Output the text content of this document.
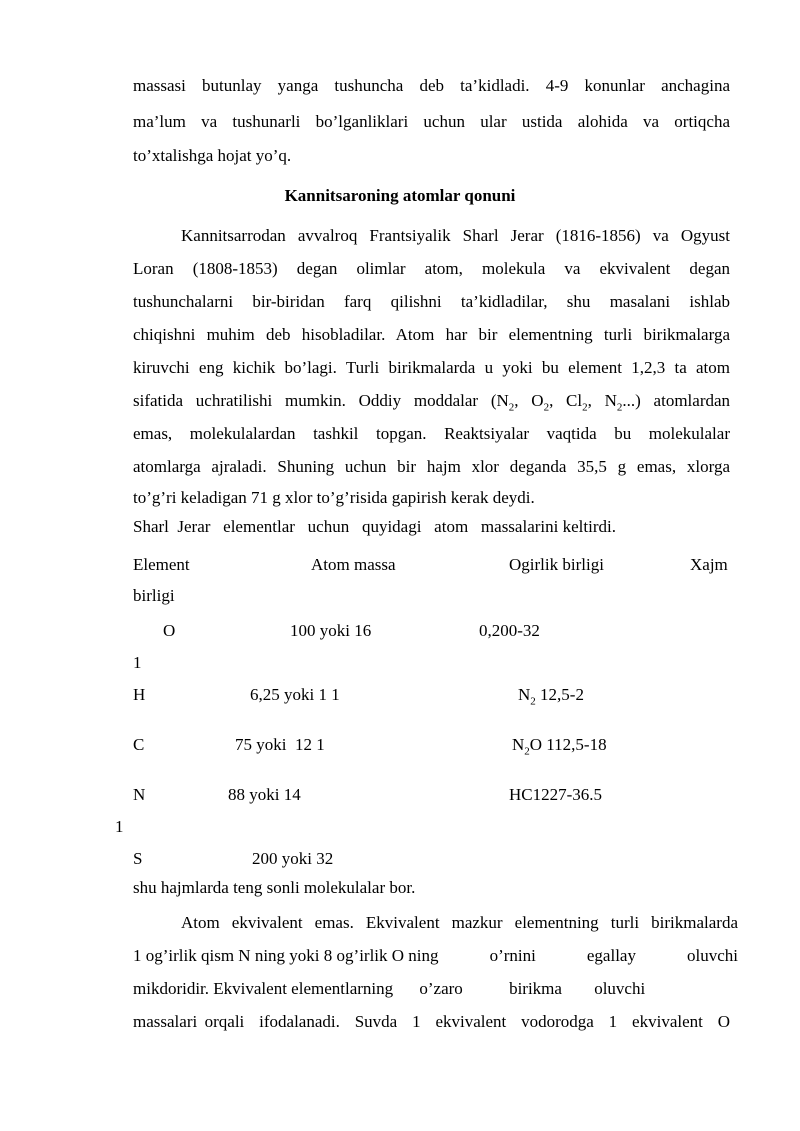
massasi butunlay yanga tushuncha deb ta’kidladi. 4-9 konunlar anchagina
ma’lum va tushunarli bo’lganliklari uchun ular ustida alohida va ortiqcha
to’xtalishga hojat yo’q.
Kannitsaroning atomlar qonuni
Kannitsarrodan avvalroq Frantsiyalik Sharl Jerar (1816-1856) va Ogyust
Loran (1808-1853) degan olimlar atom, molekula va ekvivalent degan
tushunchalarni bir-biridan farq qilishni ta’kidladilar, shu masalani ishlab
chiqishni muhim deb hisobladilar. Atom har bir elementning turli birikmalarga
kiruvchi eng kichik bo’lagi. Turli birikmalarda u yoki bu element 1,2,3 ta atom
sifatida uchratilishi mumkin. Oddiy moddalar ($N_2$, $O_2$, $Cl_2$, $N_2$...) atomlardan
emas, molekulalardan tashkil topgan. Reaktsiyalar vaqtida bu molekulalar
atomlarga ajraladi. Shuning uchun bir hajm xlor deganda 35,5 g emas, xlorga
to’g’ri keladigan 71 g xlor to’g’risida gapirish kerak deydi.
Sharl  Jerar   elementlar   uchun   quyidagi   atom   massalarini keltirdi.
Element	Atom massa	Ogirlik birligi	Xajm
birligi
O	100 yoki 16	0,200-32
1
H	6,25 yoki 1 1	$N_2$ 12,5-2
C	75 yoki  12 1	$N_2O$ 112,5-18
N	88 yoki 14	HC1227-36.5
1
S	200 yoki 32
shu hajmlarda teng sonli molekulalar bor.
Atom ekvivalent emas. Ekvivalent mazkur elementning turli birikmalarda
1 og’irlik qism N ning yoki 8 og’irlik O ning	o’rnini	egallay	oluvchi
mikdoridir. Ekvivalent elementlarning o’zaro	birikma oluvchi
massalari orqali  ifodalanadi.  Suvda  1  ekvivalent  vodorodga  1  ekvivalent  O
